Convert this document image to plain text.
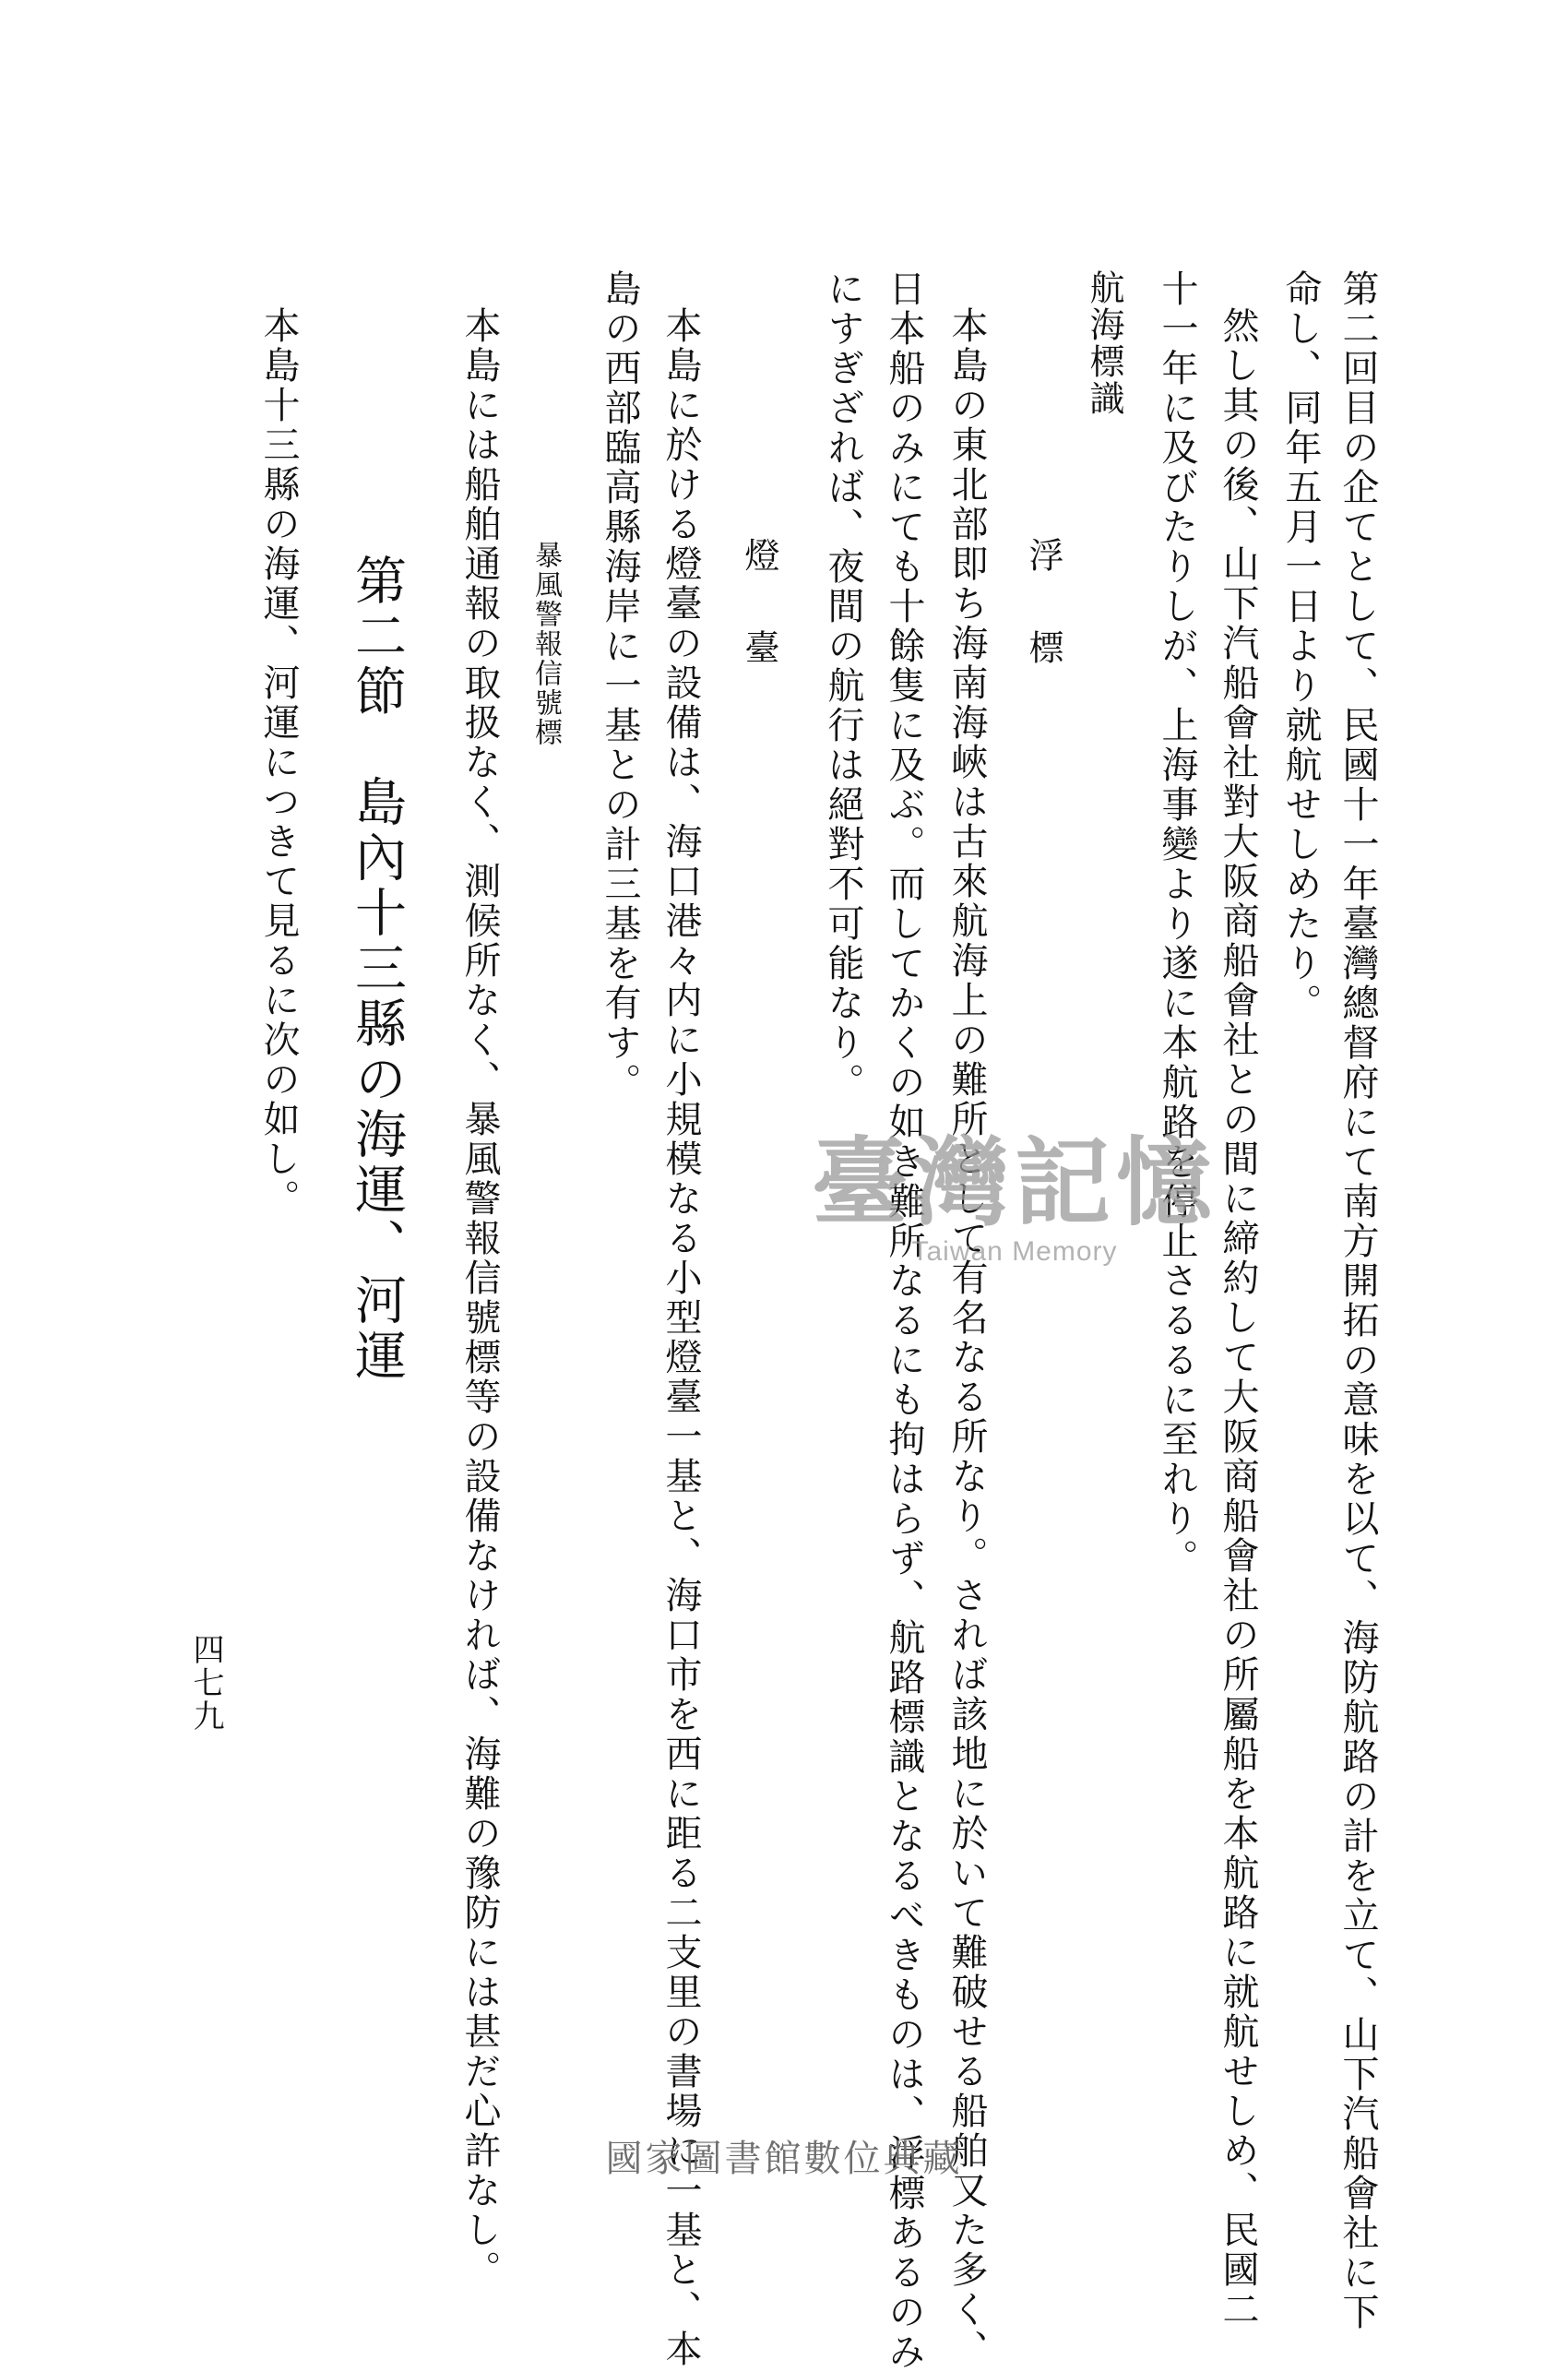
第二回目の企てとして、民國十一年臺灣總督府にて南方開拓の意味を以て、海防航路の計を立て、山下汽船會社に下
命し、同年五月一日より就航せしめたり。
然し其の後、山下汽船會社對大阪商船會社との間に締約して大阪商船會社の所屬船を本航路に就航せしめ、民國二
十一年に及びたりしが、上海事變より遂に本航路を停止さるるに至れり。
航海標識
浮　標
本島の東北部即ち海南海峽は古來航海上の難所として有名なる所なり。されば該地に於いて難破せる船舶又た多く、
日本船のみにても十餘隻に及ぶ。而してかくの如き難所なるにも拘はらず、航路標識となるべきものは、浮標あるのみ
にすぎざれば、夜間の航行は絕對不可能なり。
燈　臺
本島に於ける燈臺の設備は、海口港々内に小規模なる小型燈臺一基と、海口市を西に距る二支里の書場に一基と、本
島の西部臨高縣海岸に一基との計三基を有す。
第二節　島內十三縣の海運、河運	暴風警報信號標
本島には船舶通報の取扱なく、測候所なく、暴風警報信號標等の設備なければ、海難の豫防には甚だ心許なし。
本島十三縣の海運、河運につきて見るに次の如し。
四七九
臺灣記憶
Taiwan Memory
國家圖書館數位典藏
